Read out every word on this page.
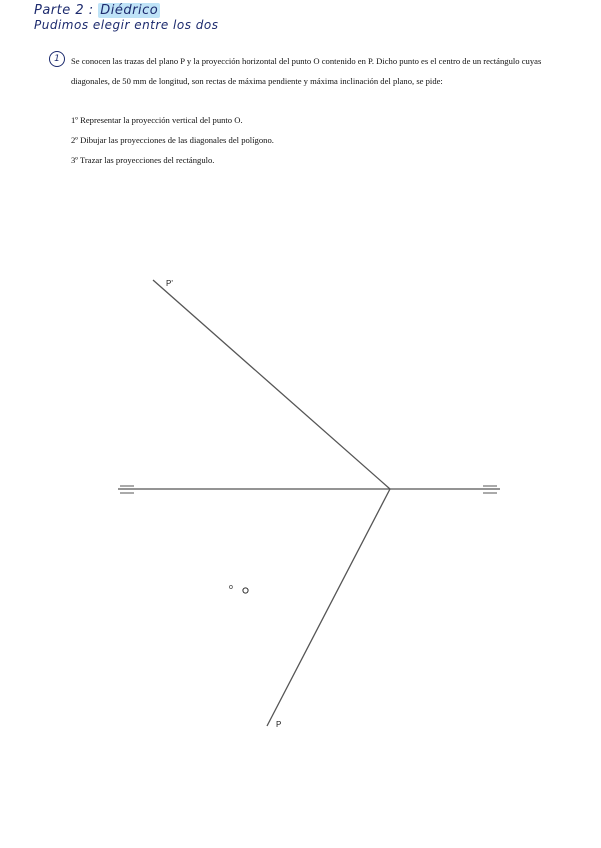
Parte 2 : Diédrico
Pudimos elegir entre los dos
1	Se conocen las trazas del plano P y la proyección horizontal del punto O contenido en P. Dicho punto es el centro de un rectángulo cuyas diagonales, de 50 mm de longitud, son rectas de máxima pendiente y máxima inclinación del plano, se pide:
1º Representar la proyección vertical del punto O.
2º Dibujar las proyecciones de las diagonales del polígono.
3º Trazar las proyecciones del rectángulo.
P'
P
o
